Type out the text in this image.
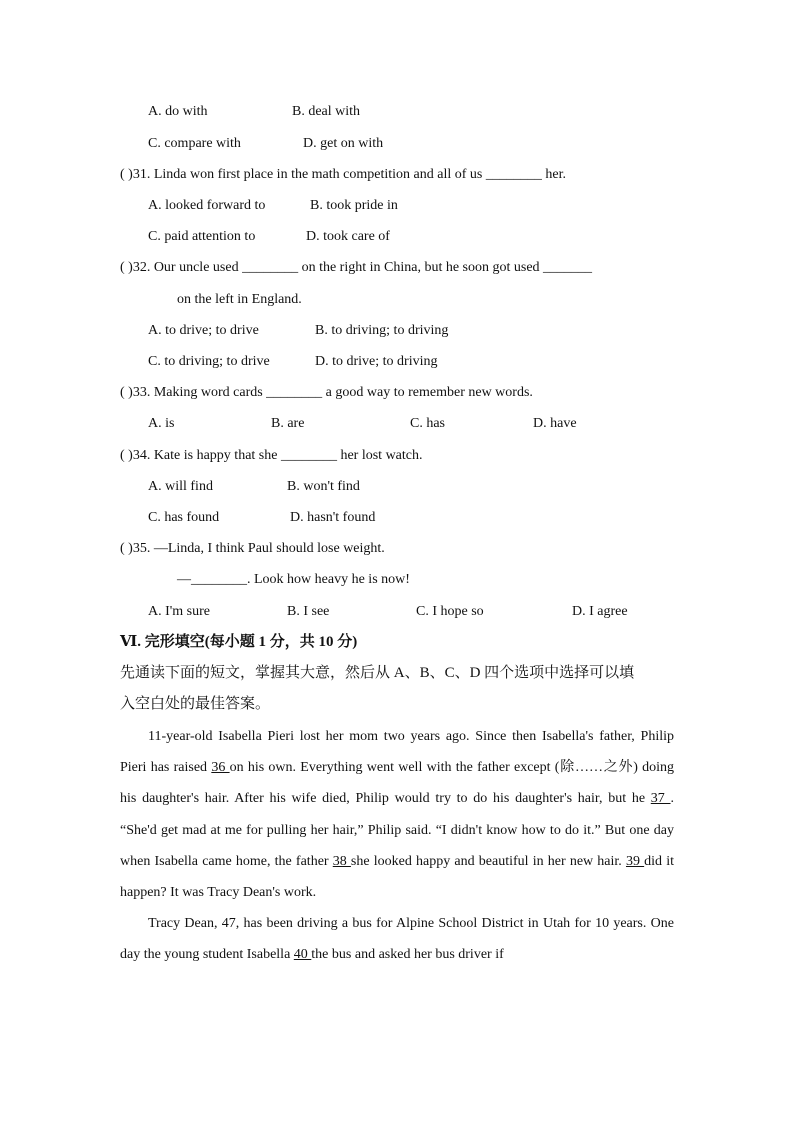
A. do with	B. deal with
C. compare with	D. get on with
( )31. Linda won first place in the math competition and all of us ________ her.
A. looked forward to	B. took pride in
C. paid attention to	D. took care of
( )32. Our uncle used ________ on the right in China, but he soon got used _______
on the left in England.
A. to drive; to drive	B. to driving; to driving
C. to driving; to drive	D. to drive; to driving
( )33. Making word cards ________ a good way to remember new words.
A. is	B. are	C. has	D. have
( )34. Kate is happy that she ________ her lost watch.
A. will find	B. won't find
C. has found	D. hasn't found
( )35. —Linda, I think Paul should lose weight.
—________. Look how heavy he is now!
A. I'm sure	B. I see	C. I hope so	D. I agree
Ⅵ. 完形填空(每小题 1 分，共 10 分)
先通读下面的短文，掌握其大意，然后从 A、B、C、D 四个选项中选择可以填
入空白处的最佳答案。

11-year-old Isabella Pieri lost her mom two years ago. Since then Isabella's father, Philip Pieri has raised 36 on his own. Everything went well with the father except (除……之外) doing his daughter's hair. After his wife died, Philip would try to do his daughter's hair, but he 37 . “She'd get mad at me for pulling her hair,” Philip said. “I didn't know how to do it.” But one day when Isabella came home, the father 38 she looked happy and beautiful in her new hair. 39 did it happen? It was Tracy Dean's work.

Tracy Dean, 47, has been driving a bus for Alpine School District in Utah for 10 years. One day the young student Isabella 40 the bus and asked her bus driver if
